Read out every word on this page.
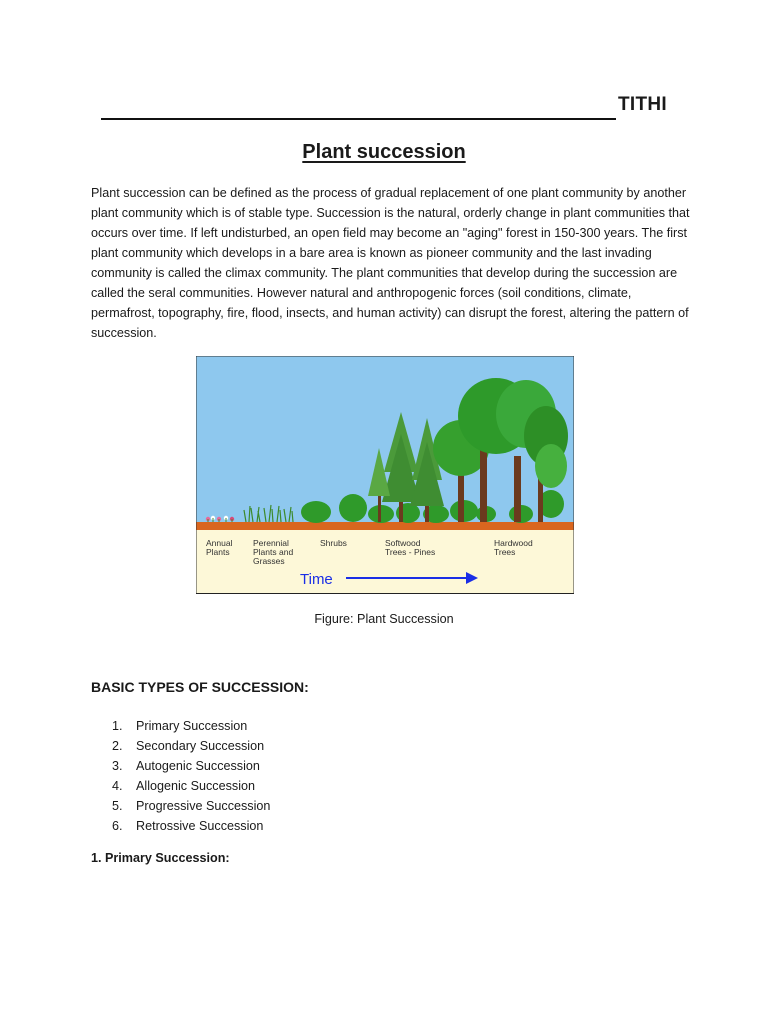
TITHI
Plant succession
Plant succession can be defined as the process of gradual replacement of one plant community by another plant community which is of stable type. Succession is the natural, orderly change in plant communities that occurs over time. If left undisturbed, an open field may become an "aging" forest in 150-300 years. The first plant community which develops in a bare area is known as pioneer community and the last invading community is called the climax community. The plant communities that develop during the succession are called the seral communities. However natural and anthropogenic forces (soil conditions, climate, permafrost, topography, fire, flood, insects, and human activity) can disrupt the forest, altering the pattern of succession.
Annual
Plants
Perennial
Plants and
Grasses
Shrubs	Softwood
Trees - Pines
Hardwood
Trees
Time
Figure: Plant Succession
BASIC TYPES OF SUCCESSION:
1.	Primary Succession
2.	Secondary Succession
3.	Autogenic Succession
4.	Allogenic Succession
5.	Progressive Succession
6.	Retrossive Succession
1. Primary Succession:
